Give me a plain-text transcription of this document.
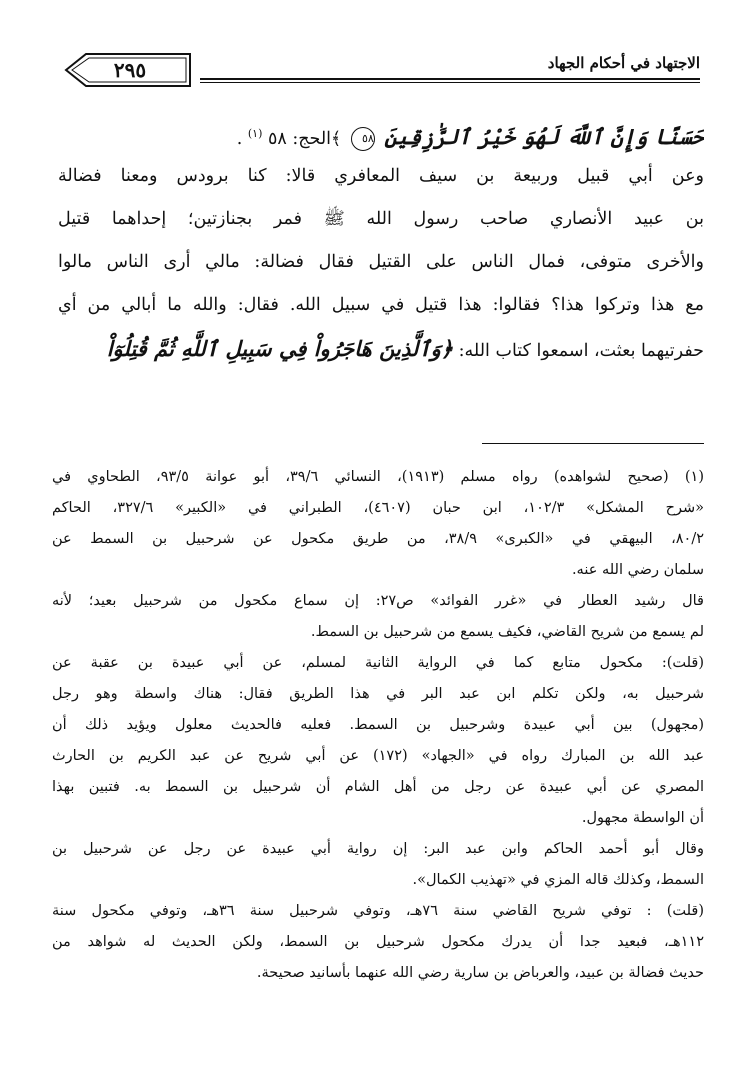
٢٩٥	الاجتهاد في أحكام الجهاد
حَسَنًا وَإِنَّ ٱللَّهَ لَهُوَ خَيْرُ ٱلرَّٰزِقِينَ ٥٨ ﴾الحج: ٥٨ $^{(١)}$ .
وعن أبي قبيل وربيعة بن سيف المعافري قالا: كنا برودس ومعنا فضالة
بن عبيد الأنصاري صاحب رسول الله ﷺ فمر بجنازتين؛ إحداهما قتيل
والأخرى متوفى، فمال الناس على القتيل فقال فضالة: مالي أرى الناس مالوا
مع هذا وتركوا هذا؟ فقالوا: هذا قتيل في سبيل الله. فقال: والله ما أبالي من أي
حفرتيهما بعثت، اسمعوا كتاب الله: ﴿وَٱلَّذِينَ هَاجَرُواْ فِي سَبِيلِ ٱللَّهِ ثُمَّ قُتِلُوٓاْ
(١) (صحيح لشواهده) رواه مسلم (١٩١٣)، النسائي ٣٩/٦، أبو عوانة ٩٣/٥، الطحاوي في
«شرح المشكل» ١٠٢/٣، ابن حبان (٤٦٠٧)، الطبراني في «الكبير» ٣٢٧/٦، الحاكم
٨٠/٢، البيهقي في «الكبرى» ٣٨/٩، من طريق مكحول عن شرحبيل بن السمط عن
سلمان رضي الله عنه.
قال رشيد العطار في «غرر الفوائد» ص٢٧: إن سماع مكحول من شرحبيل بعيد؛ لأنه
لم يسمع من شريح القاضي، فكيف يسمع من شرحبيل بن السمط.
(قلت): مكحول متابع كما في الرواية الثانية لمسلم، عن أبي عبيدة بن عقبة عن
شرحبيل به، ولكن تكلم ابن عبد البر في هذا الطريق فقال: هناك واسطة وهو رجل
(مجهول) بين أبي عبيدة وشرحبيل بن السمط. فعليه فالحديث معلول ويؤيد ذلك أن
عبد الله بن المبارك رواه في «الجهاد» (١٧٢) عن أبي شريح عن عبد الكريم بن الحارث
المصري عن أبي عبيدة عن رجل من أهل الشام أن شرحبيل بن السمط به. فتبين بهذا
أن الواسطة مجهول.
وقال أبو أحمد الحاكم وابن عبد البر: إن رواية أبي عبيدة عن رجل عن شرحبيل بن
السمط، وكذلك قاله المزي في «تهذيب الكمال».
(قلت) : توفي شريح القاضي سنة ٧٦هـ، وتوفي شرحبيل سنة ٣٦هـ، وتوفي مكحول سنة
١١٢هـ، فبعيد جدا أن يدرك مكحول شرحبيل بن السمط، ولكن الحديث له شواهد من
حديث فضالة بن عبيد، والعرباض بن سارية رضي الله عنهما بأسانيد صحيحة.
